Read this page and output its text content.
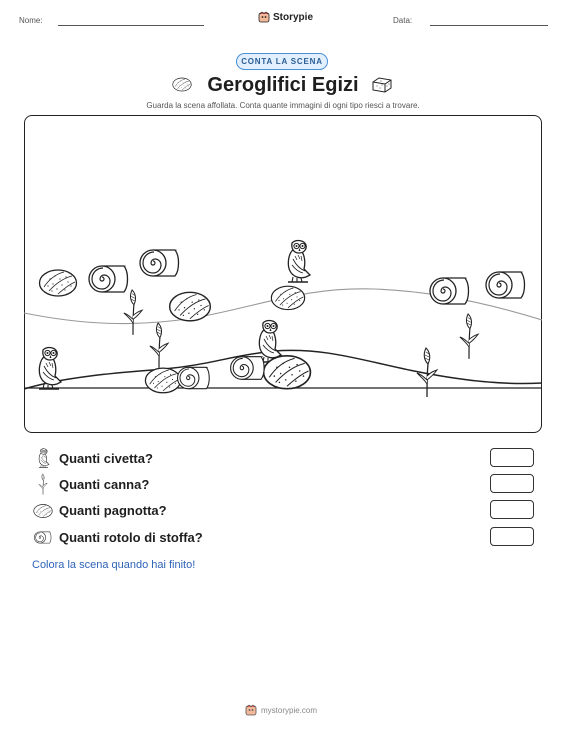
Nome:	Storypie	Data:
CONTA LA SCENA
Geroglifici Egizi
Guarda la scena affollata. Conta quante immagini di ogni tipo riesci a trovare.
Quanti civetta?
Quanti canna?
Quanti pagnotta?
Quanti rotolo di stoffa?
Colora la scena quando hai finito!
mystorypie.com
